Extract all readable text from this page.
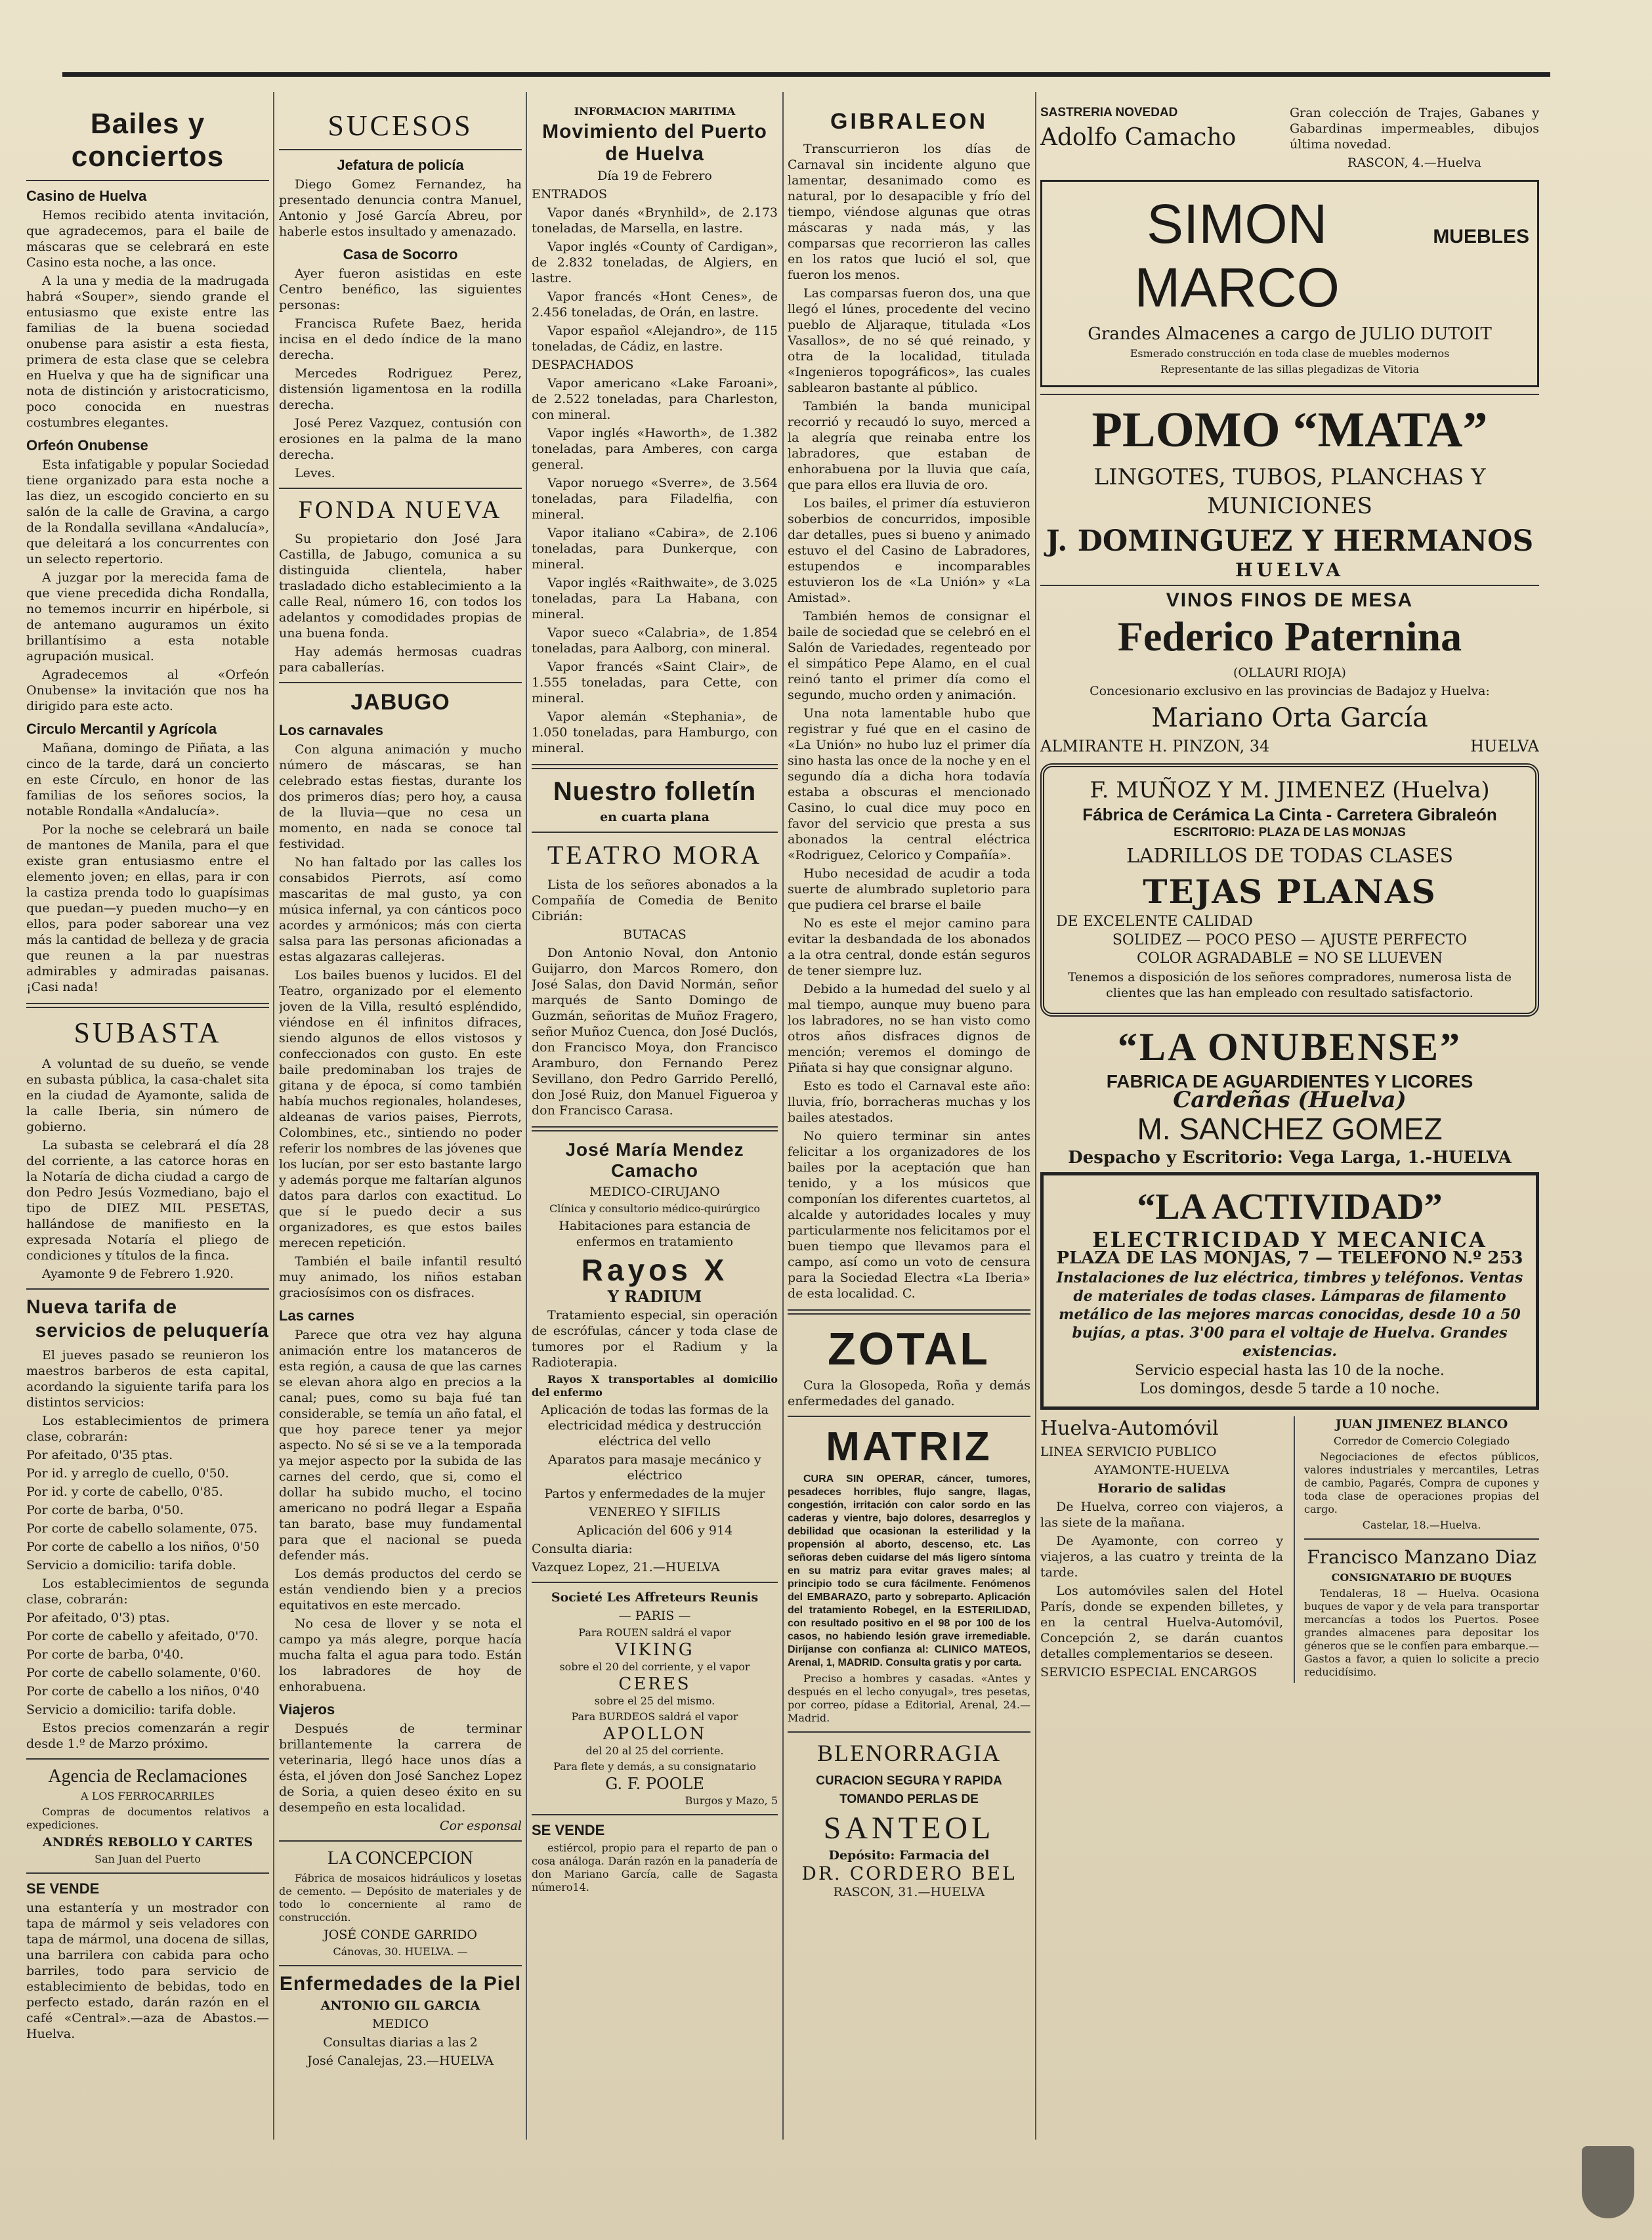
Bailes y conciertos
Casino de Huelva

Hemos recibido atenta invitación, que agradecemos, para el baile de máscaras que se celebrará en este Casino esta noche, a las once.

A la una y media de la madrugada habrá «Souper», siendo grande el entusiasmo que existe entre las familias de la buena sociedad onubense para asistir a esta fiesta, primera de esta clase que se celebra en Huelva y que ha de significar una nota de distinción y aristocraticismo, poco conocida en nuestras costumbres elegantes.

Orfeón Onubense

Esta infatigable y popular Sociedad tiene organizado para esta noche a las diez, un escogido concierto en su salón de la calle de Gravina, a cargo de la Rondalla sevillana «Andalucía», que deleitará a los concurrentes con un selecto repertorio.

A juzgar por la merecida fama de que viene precedida dicha Rondalla, no tememos incurrir en hipérbole, si de antemano auguramos un éxito brillantísimo a esta notable agrupación musical.

Agradecemos al «Orfeón Onubense» la invitación que nos ha dirigido para este acto.

Circulo Mercantil y Agrícola

Mañana, domingo de Piñata, a las cinco de la tarde, dará un concierto en este Círculo, en honor de las familias de los señores socios, la notable Rondalla «Andalucía».

Por la noche se celebrará un baile de mantones de Manila, para el que existe gran entusiasmo entre el elemento joven; en ellas, para ir con la castiza prenda todo lo guapísimas que puedan—y pueden mucho—y en ellos, para poder saborear una vez más la cantidad de belleza y de gracia que reunen a la par nuestras admirables y admiradas paisanas. ¡Casi nada!

SUBASTA

A voluntad de su dueño, se vende en subasta pública, la casa-chalet sita en la ciudad de Ayamonte, salida de la calle Iberia, sin número de gobierno.

La subasta se celebrará el día 28 del corriente, a las catorce horas en la Notaría de dicha ciudad a cargo de don Pedro Jesús Vozmediano, bajo el tipo de DIEZ MIL PESETAS, hallándose de manifiesto en la expresada Notaría el pliego de condiciones y títulos de la finca.

Ayamonte 9 de Febrero 1.920.

Nueva tarifa de
servicios de peluquería

El jueves pasado se reunieron los maestros barberos de esta capital, acordando la siguiente tarifa para los distintos servicios:

Los establecimientos de primera clase, cobrarán:

Por afeitado, 0'35 ptas.

Por id. y arreglo de cuello, 0'50.

Por id. y corte de cabello, 0'85.

Por corte de barba, 0'50.

Por corte de cabello solamente, 075.

Por corte de cabello a los niños, 0'50

Servicio a domicilio: tarifa doble.

Los establecimientos de segunda clase, cobrarán:

Por afeitado, 0'3) ptas.

Por corte de cabello y afeitado, 0'70.

Por corte de barba, 0'40.

Por corte de cabello solamente, 0'60.

Por corte de cabello a los niños, 0'40

Servicio a domicilio: tarifa doble.

Estos precios comenzarán a regir desde 1.º de Marzo próximo.

Agencia de Reclamaciones

A LOS FERROCARRILES

Compras de documentos relativos a expediciones.

ANDRÉS REBOLLO Y CARTES

San Juan del Puerto

SE VENDE

una estantería y un mostrador con tapa de mármol y seis veladores con tapa de mármol, una docena de sillas, una barrilera con cabida para ocho barriles, todo para servicio de establecimiento de bebidas, todo en perfecto estado, darán razón en el café «Central».—aza de Abastos.—Huelva.

SUCESOS
Jefatura de policía

Diego Gomez Fernandez, ha presentado denuncia contra Manuel, Antonio y José García Abreu, por haberle estos insultado y amenazado.

Casa de Socorro

Ayer fueron asistidas en este Centro benéfico, las siguientes personas:

Francisca Rufete Baez, herida incisa en el dedo índice de la mano derecha.

Mercedes Rodriguez Perez, distensión ligamentosa en la rodilla derecha.

José Perez Vazquez, contusión con erosiones en la palma de la mano derecha.

Leves.

FONDA NUEVA

Su propietario don José Jara Castilla, de Jabugo, comunica a su distinguida clientela, haber trasladado dicho establecimiento a la calle Real, número 16, con todos los adelantos y comodidades propias de una buena fonda.

Hay además hermosas cuadras para caballerías.

JABUGO
Los carnavales

Con alguna animación y mucho número de máscaras, se han celebrado estas fiestas, durante los dos primeros días; pero hoy, a causa de la lluvia—que no cesa un momento, en nada se conoce tal festividad.

No han faltado por las calles los consabidos Pierrots, así como mascaritas de mal gusto, ya con música infernal, ya con cánticos poco acordes y armónicos; más con cierta salsa para las personas aficionadas a estas algazaras callejeras.

Los bailes buenos y lucidos. El del Teatro, organizado por el elemento joven de la Villa, resultó espléndido, viéndose en él infinitos difraces, siendo algunos de ellos vistosos y confeccionados con gusto. En este baile predominaban los trajes de gitana y de época, sí como también había muchos regionales, holandeses, aldeanas de varios paises, Pierrots, Colombines, etc., sintiendo no poder referir los nombres de las jóvenes que los lucían, por ser esto bastante largo y además porque me faltarían algunos datos para darlos con exactitud. Lo que sí le puedo decir a sus organizadores, es que estos bailes merecen repetición.

También el baile infantil resultó muy animado, los niños estaban graciosísimos con os disfraces.

Las carnes

Parece que otra vez hay alguna animación entre los matanceros de esta región, a causa de que las carnes se elevan ahora algo en precios a la canal; pues, como su baja fué tan considerable, se temía un año fatal, el que hoy parece tener ya mejor aspecto. No sé si se ve a la temporada ya mejor aspecto por la subida de las carnes del cerdo, que si, como el dollar ha subido mucho, el tocino americano no podrá llegar a España tan barato, base muy fundamental para que el nacional se pueda defender más.

Los demás productos del cerdo se están vendiendo bien y a precios equitativos en este mercado.

No cesa de llover y se nota el campo ya más alegre, porque hacía mucha falta el agua para todo. Están los labradores de hoy de enhorabuena.

Viajeros

Después de terminar brillantemente la carrera de veterinaria, llegó hace unos días a ésta, el jóven don José Sanchez Lopez de Soria, a quien deseo éxito en su desempeño en esta localidad.

Cor esponsal

LA CONCEPCION

Fábrica de mosaicos hidráulicos y losetas de cemento. — Depósito de materiales y de todo lo concerniente al ramo de construcción.

JOSÉ CONDE GARRIDO

Cánovas, 30. HUELVA. —

Enfermedades de la Piel

ANTONIO GIL GARCIA

MEDICO

Consultas diarias a las 2

José Canalejas, 23.—HUELVA

INFORMACION MARITIMA

Movimiento del Puerto de Huelva

Día 19 de Febrero

ENTRADOS

Vapor danés «Brynhild», de 2.173 toneladas, de Marsella, en lastre.

Vapor inglés «County of Cardigan», de 2.832 toneladas, de Algiers, en lastre.

Vapor francés «Hont Cenes», de 2.456 toneladas, de Orán, en lastre.

Vapor español «Alejandro», de 115 toneladas, de Cádiz, en lastre.

DESPACHADOS

Vapor americano «Lake Faroani», de 2.522 toneladas, para Charleston, con mineral.

Vapor inglés «Haworth», de 1.382 toneladas, para Amberes, con carga general.

Vapor noruego «Sverre», de 3.564 toneladas, para Filadelfia, con mineral.

Vapor italiano «Cabira», de 2.106 toneladas, para Dunkerque, con mineral.

Vapor inglés «Raithwaite», de 3.025 toneladas, para La Habana, con mineral.

Vapor sueco «Calabria», de 1.854 toneladas, para Aalborg, con mineral.

Vapor francés «Saint Clair», de 1.555 toneladas, para Cette, con mineral.

Vapor alemán «Stephania», de 1.050 toneladas, para Hamburgo, con mineral.

Nuestro folletín

en cuarta plana

TEATRO MORA

Lista de los señores abonados a la Compañía de Comedia de Benito Cibrián:

BUTACAS

Don Antonio Noval, don Antonio Guijarro, don Marcos Romero, don José Salas, don David Normán, señor marqués de Santo Domingo de Guzmán, señoritas de Muñoz Fragero, señor Muñoz Cuenca, don José Duclós, don Francisco Moya, don Francisco Aramburo, don Fernando Perez Sevillano, don Pedro Garrido Perelló, don José Ruiz, don Manuel Figueroa y don Francisco Carasa.

José María Mendez Camacho

MEDICO-CIRUJANO

Clínica y consultorio médico-quirúrgico

Habitaciones para estancia de enfermos en tratamiento

Rayos X

Y RADIUM

Tratamiento especial, sin operación de escrófulas, cáncer y toda clase de tumores por el Radium y la Radioterapia.

Rayos X transportables al domicilio del enfermo

Aplicación de todas las formas de la electricidad médica y destrucción eléctrica del vello

Aparatos para masaje mecánico y eléctrico

Partos y enfermedades de la mujer

VENEREO Y SIFILIS

Aplicación del 606 y 914

Consulta diaria:

Vazquez Lopez, 21.—HUELVA

Societé Les Affreteurs Reunis

— PARIS —

Para ROUEN saldrá el vapor

VIKING

sobre el 20 del corriente, y el vapor

CERES

sobre el 25 del mismo.

Para BURDEOS saldrá el vapor

APOLLON

del 20 al 25 del corriente.

Para flete y demás, a su consignatario

G. F. POOLE

Burgos y Mazo, 5

SE VENDE

estiércol, propio para el reparto de pan o cosa análoga. Darán razón en la panadería de don Mariano García, calle de Sagasta número14.

GIBRALEON

Transcurrieron los días de Carnaval sin incidente alguno que lamentar, desanimado como es natural, por lo desapacible y frío del tiempo, viéndose algunas que otras máscaras y nada más, y las comparsas que recorrieron las calles en los ratos que lució el sol, que fueron los menos.

Las comparsas fueron dos, una que llegó el lúnes, procedente del vecino pueblo de Aljaraque, titulada «Los Vasallos», de no sé qué reinado, y otra de la localidad, titulada «Ingenieros topográficos», las cuales sablearon bastante al público.

También la banda municipal recorrió y recaudó lo suyo, merced a la alegría que reinaba entre los labradores, que estaban de enhorabuena por la lluvia que caía, que para ellos era lluvia de oro.

Los bailes, el primer día estuvieron soberbios de concurridos, imposible dar detalles, pues si bueno y animado estuvo el del Casino de Labradores, estupendos e incomparables estuvieron los de «La Unión» y «La Amistad».

También hemos de consignar el baile de sociedad que se celebró en el Salón de Variedades, regenteado por el simpático Pepe Alamo, en el cual reinó tanto el primer día como el segundo, mucho orden y animación.

Una nota lamentable hubo que registrar y fué que en el casino de «La Unión» no hubo luz el primer día sino hasta las once de la noche y en el segundo día a dicha hora todavía estaba a obscuras el mencionado Casino, lo cual dice muy poco en favor del servicio que presta a sus abonados la central eléctrica «Rodriguez, Celorico y Compañía».

Hubo necesidad de acudir a toda suerte de alumbrado supletorio para que pudiera cel brarse el baile

No es este el mejor camino para evitar la desbandada de los abonados a la otra central, donde están seguros de tener siempre luz.

Debido a la humedad del suelo y al mal tiempo, aunque muy bueno para los labradores, no se han visto como otros años disfraces dignos de mención; veremos el domingo de Piñata si hay que consignar alguno.

Esto es todo el Carnaval este año: lluvia, frío, borracheras muchas y los bailes atestados.

No quiero terminar sin antes felicitar a los organizadores de los bailes por la aceptación que han tenido, y a los músicos que componían los diferentes cuartetos, al alcalde y autoridades locales y muy particularmente nos felicitamos por el buen tiempo que llevamos para el campo, así como un voto de censura para la Sociedad Electra «La Iberia» de esta localidad. C.

ZOTAL

Cura la Glosopeda, Roña y demás enfermedades del ganado.

MATRIZ

CURA SIN OPERAR, cáncer, tumores, pesadeces horribles, flujo sangre, llagas, congestión, irritación con calor sordo en las caderas y vientre, bajo dolores, desarreglos y debilidad que ocasionan la esterilidad y la propensión al aborto, descenso, etc. Las señoras deben cuidarse del más ligero síntoma en su matriz para evitar graves males; al principio todo se cura fácilmente. Fenómenos del EMBARAZO, parto y sobreparto. Aplicación del tratamiento Robegel, en la ESTERILIDAD, con resultado positivo en el 98 por 100 de los casos, no habiendo lesión grave irremediable. Diríjanse con confianza al: CLINICO MATEOS, Arenal, 1, MADRID. Consulta gratis y por carta.

Preciso a hombres y casadas. «Antes y después en el lecho conyugal», tres pesetas, por correo, pídase a Editorial, Arenal, 24.—Madrid.

BLENORRAGIA

CURACION SEGURA Y RAPIDA

TOMANDO PERLAS DE

SANTEOL

Depósito: Farmacia del

DR. CORDERO BEL

RASCON, 31.—HUELVA

SASTRERIA NOVEDAD

Adolfo Camacho

Gran colección de Trajes, Gabanes y Gabardinas impermeables, dibujos última novedad.

RASCON, 4.—Huelva

SIMON MARCO
MUEBLES

Grandes Almacenes a cargo de JULIO DUTOIT

Esmerado construcción en toda clase de muebles modernos

Representante de las sillas plegadizas de Vitoria

PLOMO “MATA”

LINGOTES, TUBOS, PLANCHAS Y MUNICIONES

J. DOMINGUEZ Y HERMANOS

HUELVA

VINOS FINOS DE MESA

Federico Paternina

(OLLAURI RIOJA)

Concesionario exclusivo en las provincias de Badajoz y Huelva:

Mariano Orta García

ALMIRANTE H. PINZON, 34	HUELVA

F. MUÑOZ Y M. JIMENEZ (Huelva)

Fábrica de Cerámica La Cinta - Carretera Gibraleón

ESCRITORIO: PLAZA DE LAS MONJAS

LADRILLOS DE TODAS CLASES

TEJAS PLANAS

DE EXCELENTE CALIDAD

SOLIDEZ — POCO PESO — AJUSTE PERFECTO

COLOR AGRADABLE = NO SE LLUEVEN

Tenemos a disposición de los señores compradores, numerosa lista de clientes que las han empleado con resultado satisfactorio.

“LA ONUBENSE”

FABRICA DE AGUARDIENTES Y LICORES

Cardeñas (Huelva)

M. SANCHEZ GOMEZ

Despacho y Escritorio: Vega Larga, 1.-HUELVA

“LA ACTIVIDAD”

ELECTRICIDAD Y MECANICA

PLAZA DE LAS MONJAS, 7 — TELEFONO N.º 253

Instalaciones de luz eléctrica, timbres y teléfonos. Ventas de materiales de todas clases. Lámparas de filamento metálico de las mejores marcas conocidas, desde 10 a 50 bujías, a ptas. 3'00 para el voltaje de Huelva. Grandes existencias.

Servicio especial hasta las 10 de la noche.

Los domingos, desde 5 tarde a 10 noche.

Huelva-Automóvil

LINEA SERVICIO PUBLICO

AYAMONTE-HUELVA

Horario de salidas

De Huelva, correo con viajeros, a las siete de la mañana.

De Ayamonte, con correo y viajeros, a las cuatro y treinta de la tarde.

Los automóviles salen del Hotel París, donde se expenden billetes, y en la central Huelva-Automóvil, Concepción 2, se darán cuantos detalles complementarios se deseen.

SERVICIO ESPECIAL ENCARGOS

JUAN JIMENEZ BLANCO

Corredor de Comercio Colegiado

Negociaciones de efectos públicos, valores industriales y mercantiles, Letras de cambio, Pagarés, Compra de cupones y toda clase de operaciones propias del cargo.

Castelar, 18.—Huelva.

Francisco Manzano Diaz

CONSIGNATARIO DE BUQUES

Tendaleras, 18 — Huelva. Ocasiona buques de vapor y de vela para transportar mercancías a todos los Puertos. Posee grandes almacenes para depositar los géneros que se le confíen para embarque.—Gastos a favor, a quien lo solicite a precio reducidísimo.
